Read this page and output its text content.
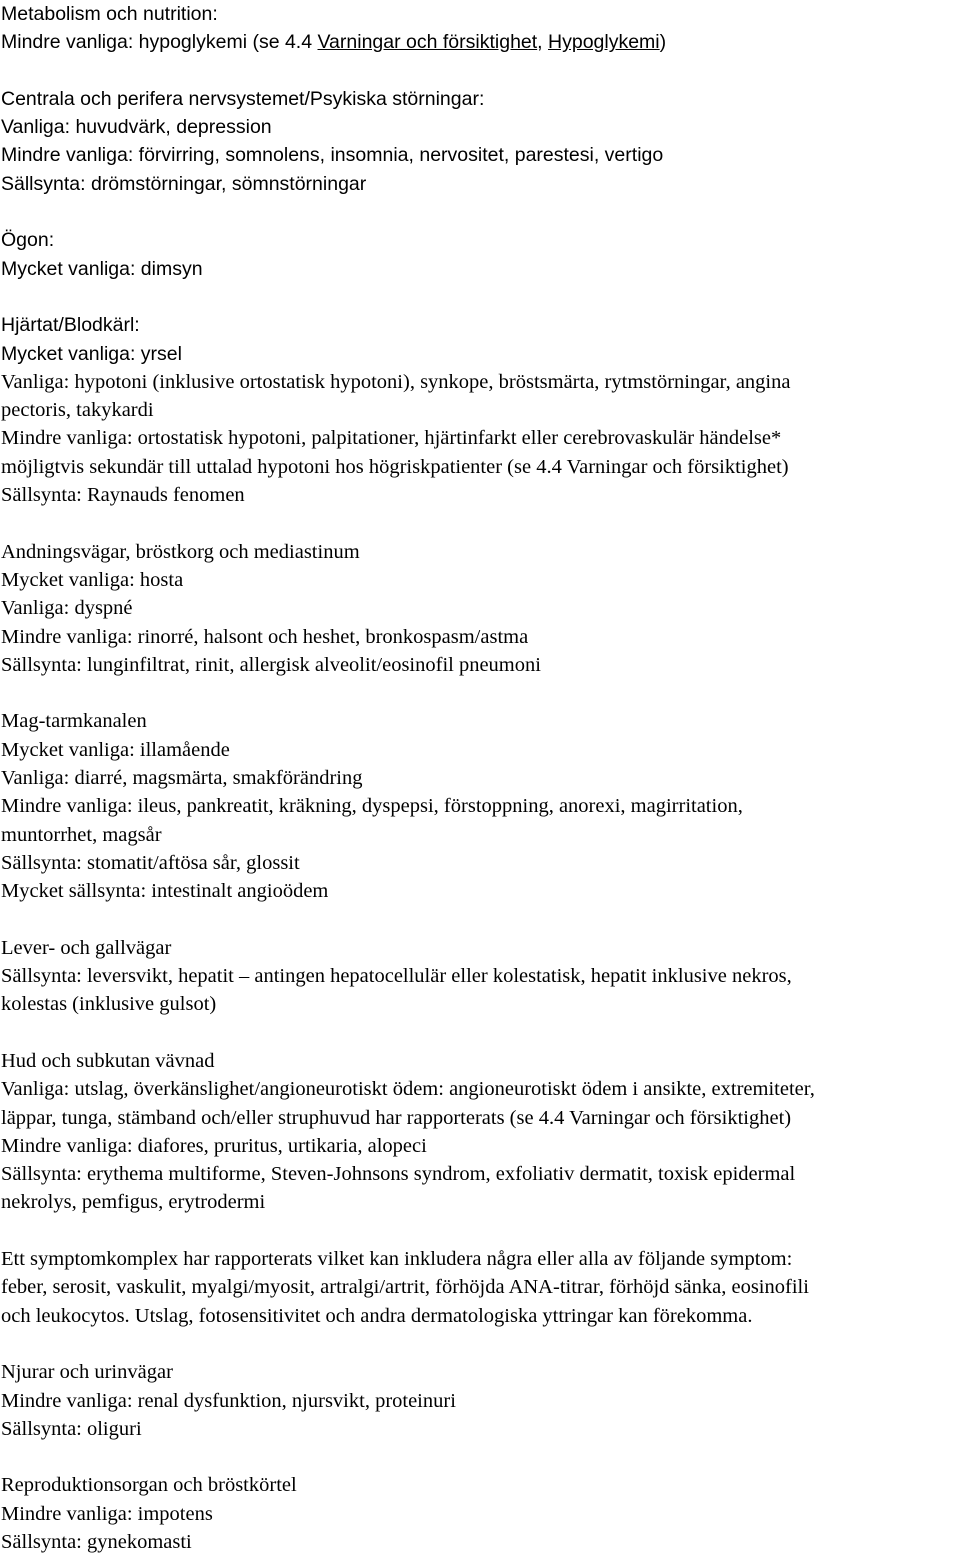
Metabolism och nutrition:
Mindre vanliga: hypoglykemi (se 4.4 Varningar och försiktighet, Hypoglykemi)
Centrala och perifera nervsystemet/Psykiska störningar:
Vanliga: huvudvärk, depression
Mindre vanliga: förvirring, somnolens, insomnia, nervositet, parestesi, vertigo
Sällsynta: drömstörningar, sömnstörningar
Ögon:
Mycket vanliga: dimsyn
Hjärtat/Blodkärl:
Mycket vanliga: yrsel
Vanliga: hypotoni (inklusive ortostatisk hypotoni), synkope, bröstsmärta, rytmstörningar, angina
pectoris, takykardi
Mindre vanliga: ortostatisk hypotoni, palpitationer, hjärtinfarkt eller cerebrovaskulär händelse*
möjligtvis sekundär till uttalad hypotoni hos högriskpatienter (se 4.4 Varningar och försiktighet)
Sällsynta: Raynauds fenomen
Andningsvägar, bröstkorg och mediastinum
Mycket vanliga: hosta
Vanliga: dyspné
Mindre vanliga: rinorré, halsont och heshet, bronkospasm/astma
Sällsynta: lunginfiltrat, rinit, allergisk alveolit/eosinofil pneumoni
Mag-tarmkanalen
Mycket vanliga: illamående
Vanliga: diarré, magsmärta, smakförändring
Mindre vanliga: ileus, pankreatit, kräkning, dyspepsi, förstoppning, anorexi, magirritation,
muntorrhet, magsår
Sällsynta: stomatit/aftösa sår, glossit
Mycket sällsynta: intestinalt angioödem
Lever- och gallvägar
Sällsynta: leversvikt, hepatit – antingen hepatocellulär eller kolestatisk, hepatit inklusive nekros,
kolestas (inklusive gulsot)
Hud och subkutan vävnad
Vanliga: utslag, överkänslighet/angioneurotiskt ödem: angioneurotiskt ödem i ansikte, extremiteter,
läppar, tunga, stämband och/eller struphuvud har rapporterats (se 4.4 Varningar och försiktighet)
Mindre vanliga: diafores, pruritus, urtikaria, alopeci
Sällsynta: erythema multiforme, Steven-Johnsons syndrom, exfoliativ dermatit, toxisk epidermal
nekrolys, pemfigus, erytrodermi
Ett symptomkomplex har rapporterats vilket kan inkludera några eller alla av följande symptom:
feber, serosit, vaskulit, myalgi/myosit, artralgi/artrit, förhöjda ANA-titrar, förhöjd sänka, eosinofili
och leukocytos. Utslag, fotosensitivitet och andra dermatologiska yttringar kan förekomma.
Njurar och urinvägar
Mindre vanliga: renal dysfunktion, njursvikt, proteinuri
Sällsynta: oliguri
Reproduktionsorgan och bröstkörtel
Mindre vanliga: impotens
Sällsynta: gynekomasti
